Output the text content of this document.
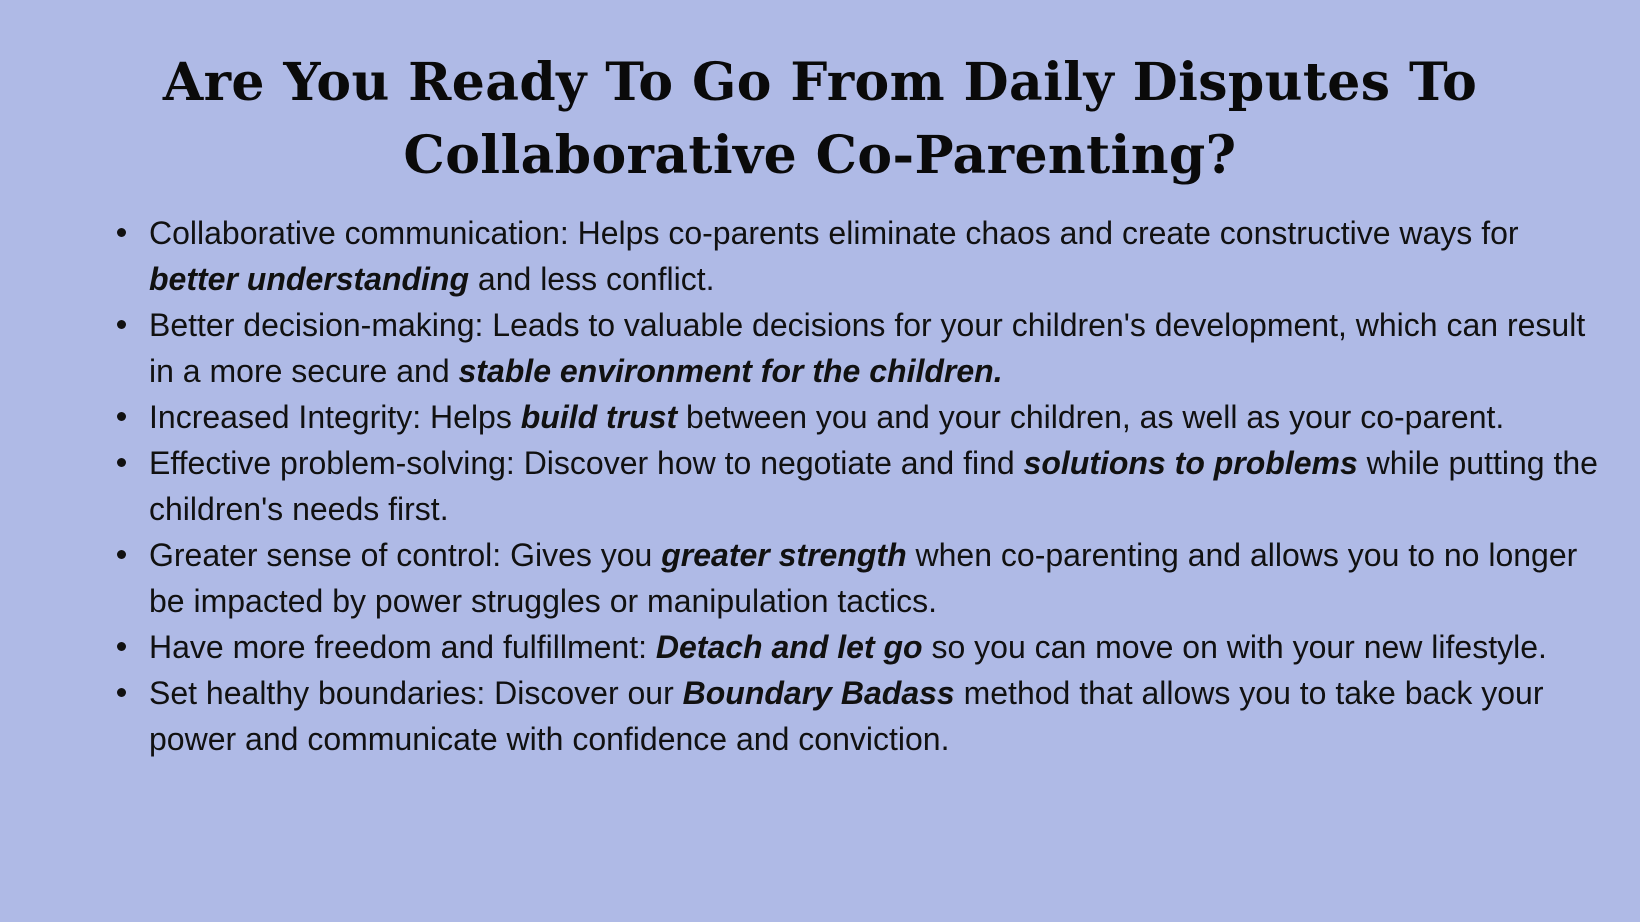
Are You Ready To Go From Daily Disputes To
Collaborative Co-Parenting?
Collaborative communication: Helps co-parents eliminate chaos and create constructive ways for better understanding and less conflict.
Better decision-making: Leads to valuable decisions for your children's development, which can result in a more secure and stable environment for the children.
Increased Integrity: Helps build trust between you and your children, as well as your co-parent.
Effective problem-solving: Discover how to negotiate and find solutions to problems while putting the children's needs first.
Greater sense of control: Gives you greater strength when co-parenting and allows you to no longer be impacted by power struggles or manipulation tactics.
Have more freedom and fulfillment: Detach and let go so you can move on with your new lifestyle.
Set healthy boundaries: Discover our Boundary Badass method that allows you to take back your power and communicate with confidence and conviction.
